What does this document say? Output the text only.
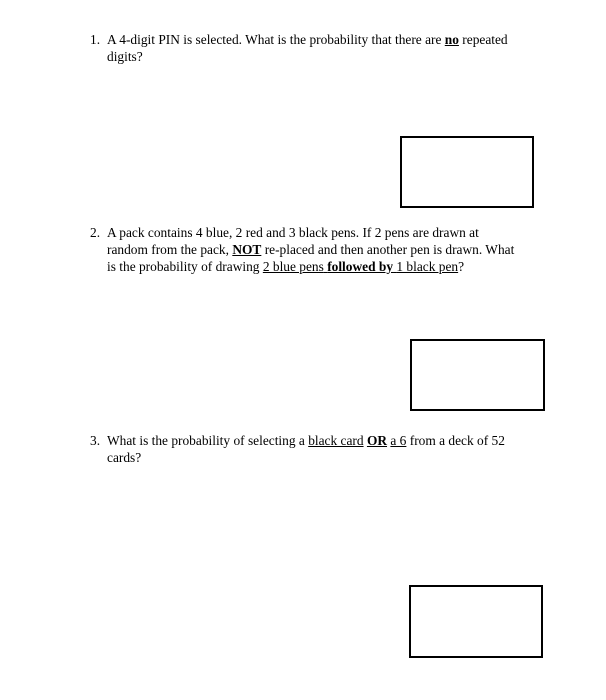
1. A 4-digit PIN is selected. What is the probability that there are no repeated
digits?
2. A pack contains 4 blue, 2 red and 3 black pens. If 2 pens are drawn at
random from the pack, NOT re-placed and then another pen is drawn. What
is the probability of drawing 2 blue pens followed by 1 black pen?
3. What is the probability of selecting a black card OR a 6 from a deck of 52
cards?
